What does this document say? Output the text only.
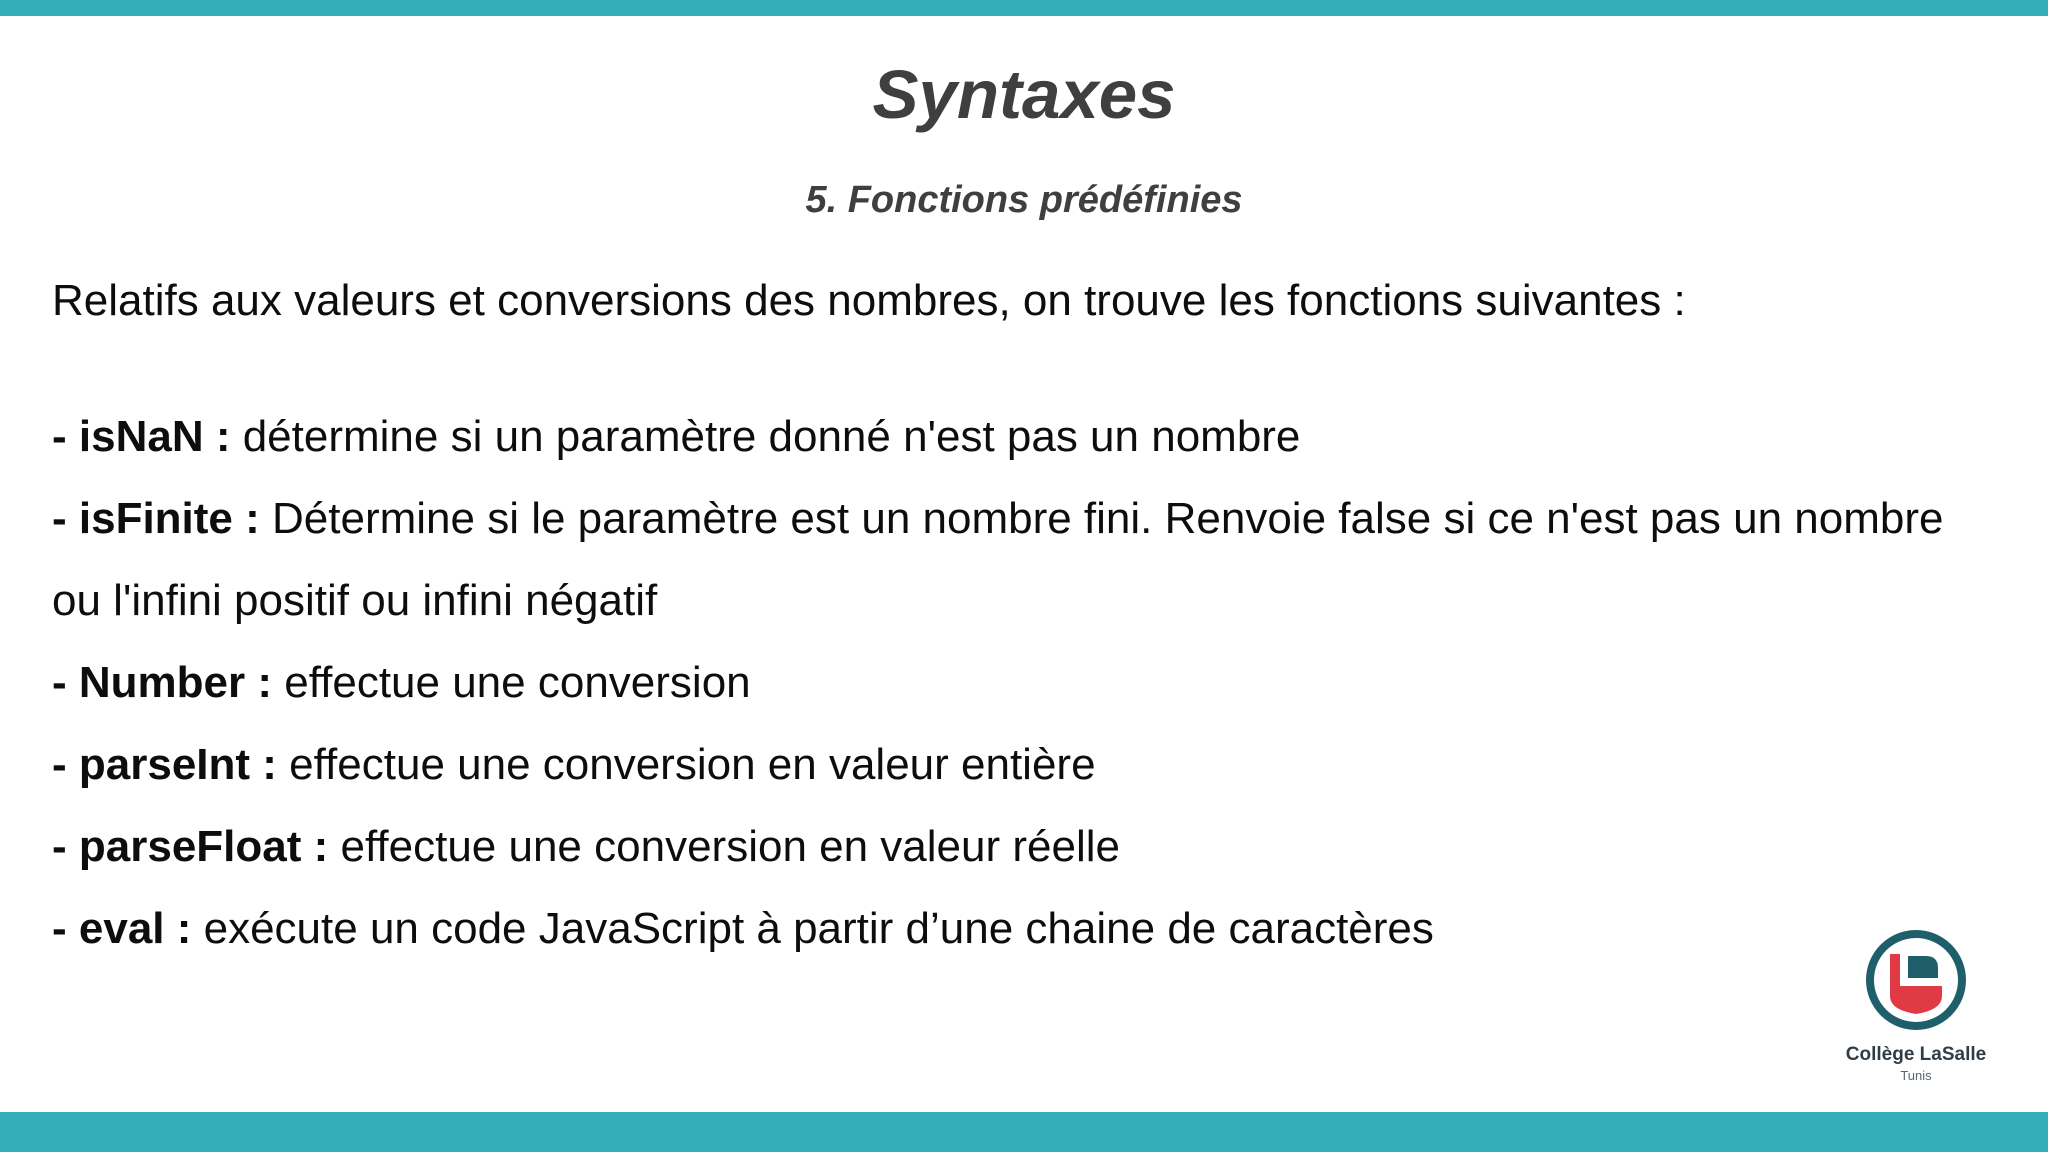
Syntaxes
5. Fonctions prédéfinies

Relatifs aux valeurs et conversions des nombres, on trouve les fonctions suivantes :

- isNaN : détermine si un paramètre donné n'est pas un nombre

- isFinite : Détermine si le paramètre est un nombre fini. Renvoie false si ce n'est pas un nombre ou l'infini positif ou infini négatif

- Number : effectue une conversion

- parseInt : effectue une conversion en valeur entière

- parseFloat : effectue une conversion en valeur réelle

- eval : exécute un code JavaScript à partir d’une chaine de caractères

Collège LaSalle
Tunis
